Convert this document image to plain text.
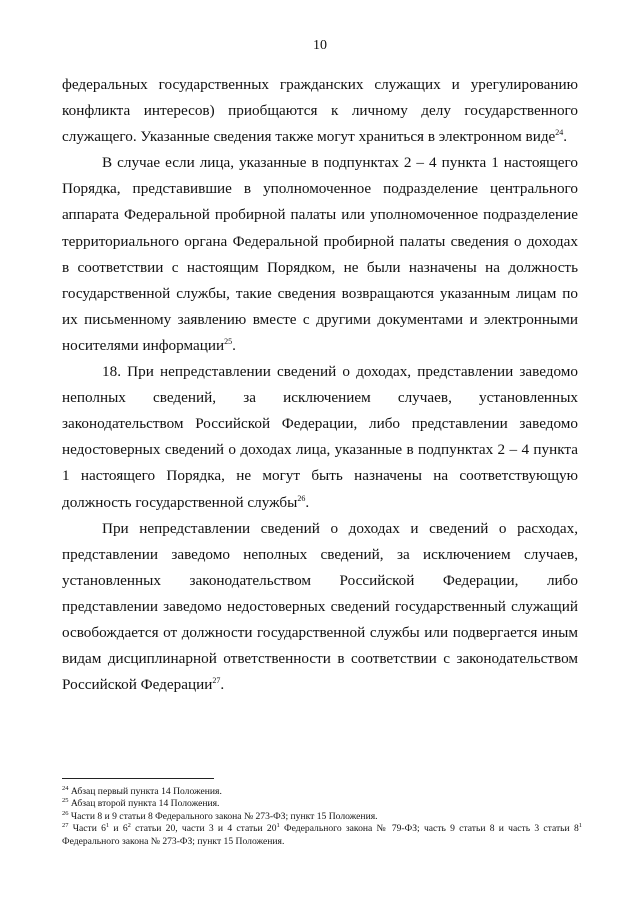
10

федеральных государственных гражданских служащих и урегулированию конфликта интересов) приобщаются к личному делу государственного служащего. Указанные сведения также могут храниться в электронном виде$^{24}$.

В случае если лица, указанные в подпунктах 2 – 4 пункта 1 настоящего Порядка, представившие в уполномоченное подразделение центрального аппарата Федеральной пробирной палаты или уполномоченное подразделение территориального органа Федеральной пробирной палаты сведения о доходах в соответствии с настоящим Порядком, не были назначены на должность государственной службы, такие сведения возвращаются указанным лицам по их письменному заявлению вместе с другими документами и электронными носителями информации$^{25}$.

18. При непредставлении сведений о доходах, представлении заведомо неполных сведений, за исключением случаев, установленных законодательством Российской Федерации, либо представлении заведомо недостоверных сведений о доходах лица, указанные в подпунктах 2 – 4 пункта 1 настоящего Порядка, не могут быть назначены на соответствующую должность государственной службы$^{26}$.

При непредставлении сведений о доходах и сведений о расходах, представлении заведомо неполных сведений, за исключением случаев, установленных законодательством Российской Федерации, либо представлении заведомо недостоверных сведений государственный служащий освобождается от должности государственной службы или подвергается иным видам дисциплинарной ответственности в соответствии с законодательством Российской Федерации$^{27}$.

$^{24}$ Абзац первый пункта 14 Положения.

$^{25}$ Абзац второй пункта 14 Положения.

$^{26}$ Части 8 и 9 статьи 8 Федерального закона № 273-ФЗ; пункт 15 Положения.

$^{27}$ Части $6^1$ и $6^2$ статьи 20, части 3 и 4 статьи $20^1$ Федерального закона № 79-ФЗ; часть 9 статьи 8 и часть 3 статьи $8^1$ Федерального закона № 273-ФЗ; пункт 15 Положения.
